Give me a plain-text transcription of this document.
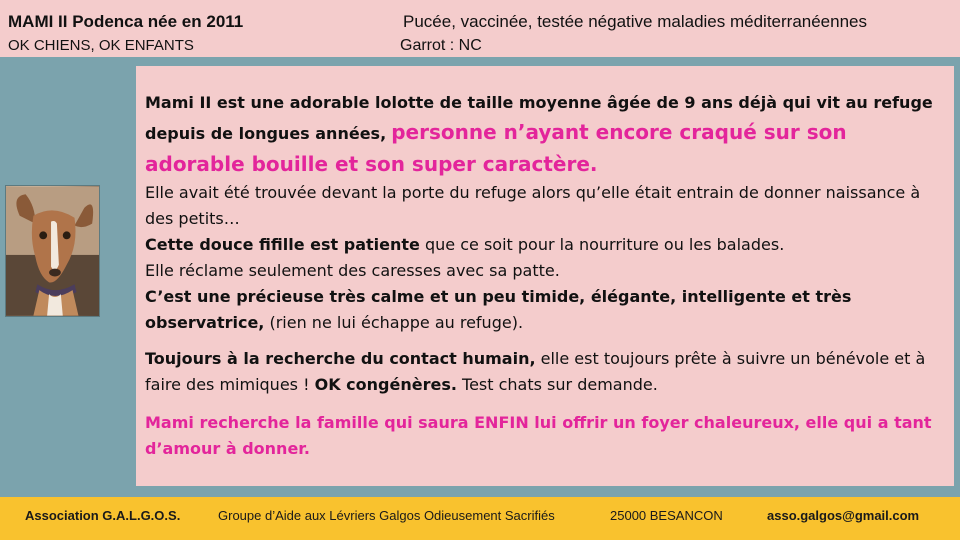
MAMI II Podenca née en 2011
OK CHIENS, OK ENFANTS
Pucée, vaccinée, testée négative maladies méditerranéennes
Garrot : NC

Mami II est une adorable lolotte de taille moyenne âgée de 9 ans déjà qui vit au refuge depuis de longues années, personne n’ayant encore craqué sur son adorable bouille et son super caractère.

Elle avait été trouvée devant la porte du refuge alors qu’elle était entrain de donner naissance à des petits…

Cette douce fifille est patiente que ce soit pour la nourriture ou les balades.

Elle réclame seulement des caresses avec sa patte.

C’est une précieuse très calme et un peu timide, élégante, intelligente et très observatrice, (rien ne lui échappe au refuge).

Toujours à la recherche du contact humain, elle est toujours prête à suivre un bénévole et à faire des mimiques ! OK congénères. Test chats sur demande.

Mami recherche la famille qui saura ENFIN lui offrir un foyer chaleureux, elle qui a tant d’amour à donner.

Association G.A.L.G.O.S.	Groupe d’Aide aux Lévriers Galgos Odieusement Sacrifiés	25000 BESANCON	asso.galgos@gmail.com
